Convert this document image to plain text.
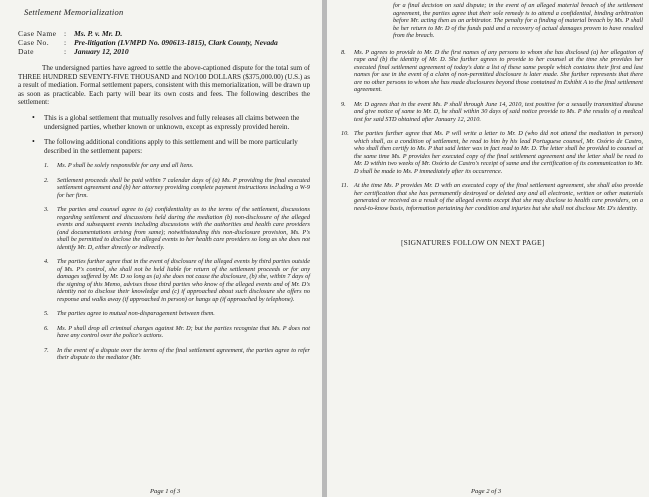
Settlement Memorialization
Case Name :	Ms. P. v. Mr. D.
Case No.	:	Pre-litigation (LVMPD No. 090613-1815), Clark County, Nevada
Date	:	January 12, 2010

The undersigned parties have agreed to settle the above-captioned dispute for the total sum of THREE HUNDRED SEVENTY-FIVE THOUSAND and NO/100 DOLLARS ($375,000.00) (U.S.) as a result of mediation. Formal settlement papers, consistent with this memorialization, will be drawn up as soon as practicable. Each party will bear its own costs and fees. The following describes the settlement:

•	This is a global settlement that mutually resolves and fully releases all claims between the undersigned parties, whether known or unknown, except as expressly provided herein.
•	The following additional conditions apply to this settlement and will be more particularly described in the settlement papers:
1.	Ms. P shall be solely responsible for any and all liens.
2.	Settlement proceeds shall be paid within 7 calendar days of (a) Ms. P providing the final executed settlement agreement and (b) her attorney providing complete payment instructions including a W-9 for her firm.
3.	The parties and counsel agree to (a) confidentiality as to the terms of the settlement, discussions regarding settlement and discussions held during the mediation (b) non-disclosure of the alleged events and subsequent events including discussions with the authorities and health care providers (and documentations arising from same); notwithstanding this non-disclosure provision, Ms. P's shall be permitted to disclose the alleged events to her health care providers so long as she does not identify Mr. D, either directly or indirectly.
4.	The parties further agree that in the event of disclosure of the alleged events by third parties outside of Ms. P's control, she shall not be held liable for return of the settlement proceeds or for any damages suffered by Mr. D so long as (a) she does not cause the disclosure, (b) she, within 7 days of the signing of this Memo, advises those third parties who know of the alleged events and of Mr. D's identity not to disclose their knowledge and (c) if approached about such disclosure she offers no response and walks away (if approached in person) or hangs up (if approached by telephone).
5.	The parties agree to mutual non-disparagement between them.
6.	Ms. P shall drop all criminal charges against Mr. D; but the parties recognize that Ms. P does not have any control over the police's actions.
7.	In the event of a dispute over the terms of the final settlement agreement, the parties agree to refer their dispute to the mediator (Mr.
Page 1 of 3

for a final decision on said dispute; in the event of an alleged material breach of the settlement agreement, the parties agree that their sole remedy is to attend a confidential, binding arbitration before Mr. acting then as an arbitrator. The penalty for a finding of material breach by Ms. P shall be her return to Mr. D of the funds paid and a recovery of actual damages proven to have resulted from the breach.

8.	Ms. P agrees to provide to Mr. D the first names of any persons to whom she has disclosed (a) her allegation of rape and (b) the identity of Mr. D. She further agrees to provide to her counsel at the time she provides her executed final settlement agreement of today's date a list of these same people which contains their first and last names for use in the event of a claim of non-permitted disclosure is later made. She further represents that there are no other persons to whom she has made disclosures beyond those contained in Exhibit A to the final settlement agreement.
9.	Mr. D agrees that in the event Ms. P shall through June 14, 2010, test positive for a sexually transmitted disease and give notice of same to Mr. D, he shall within 30 days of said notice provide to Ms. P the results of a medical test for said STD obtained after January 12, 2010.
10. The parties further agree that Ms. P will write a letter to Mr. D (who did not attend the mediation in person) which shall, as a condition of settlement, be read to him by his lead Portuguese counsel, Mr. Osório de Castro, who shall then certify to Ms. P that said letter was in fact read to Mr. D. The letter shall be provided to counsel at the same time Ms. P provides her executed copy of the final settlement agreement and the letter shall be read to Mr. D within two weeks of Mr. Osório de Castro's receipt of same and the certification of its communication to Mr. D shall be made to Ms. P immediately after its occurrence.
11. At the time Ms. P provides Mr. D with an executed copy of the final settlement agreement, she shall also provide her certification that she has permanently destroyed or deleted any and all electronic, written or other materials generated or received as a result of the alleged events except that she may disclose to health care providers, on a need-to-know basis, information pertaining her condition and injuries but she shall not disclose Mr. D's identity.
[SIGNATURES FOLLOW ON NEXT PAGE]
Page 2 of 3
